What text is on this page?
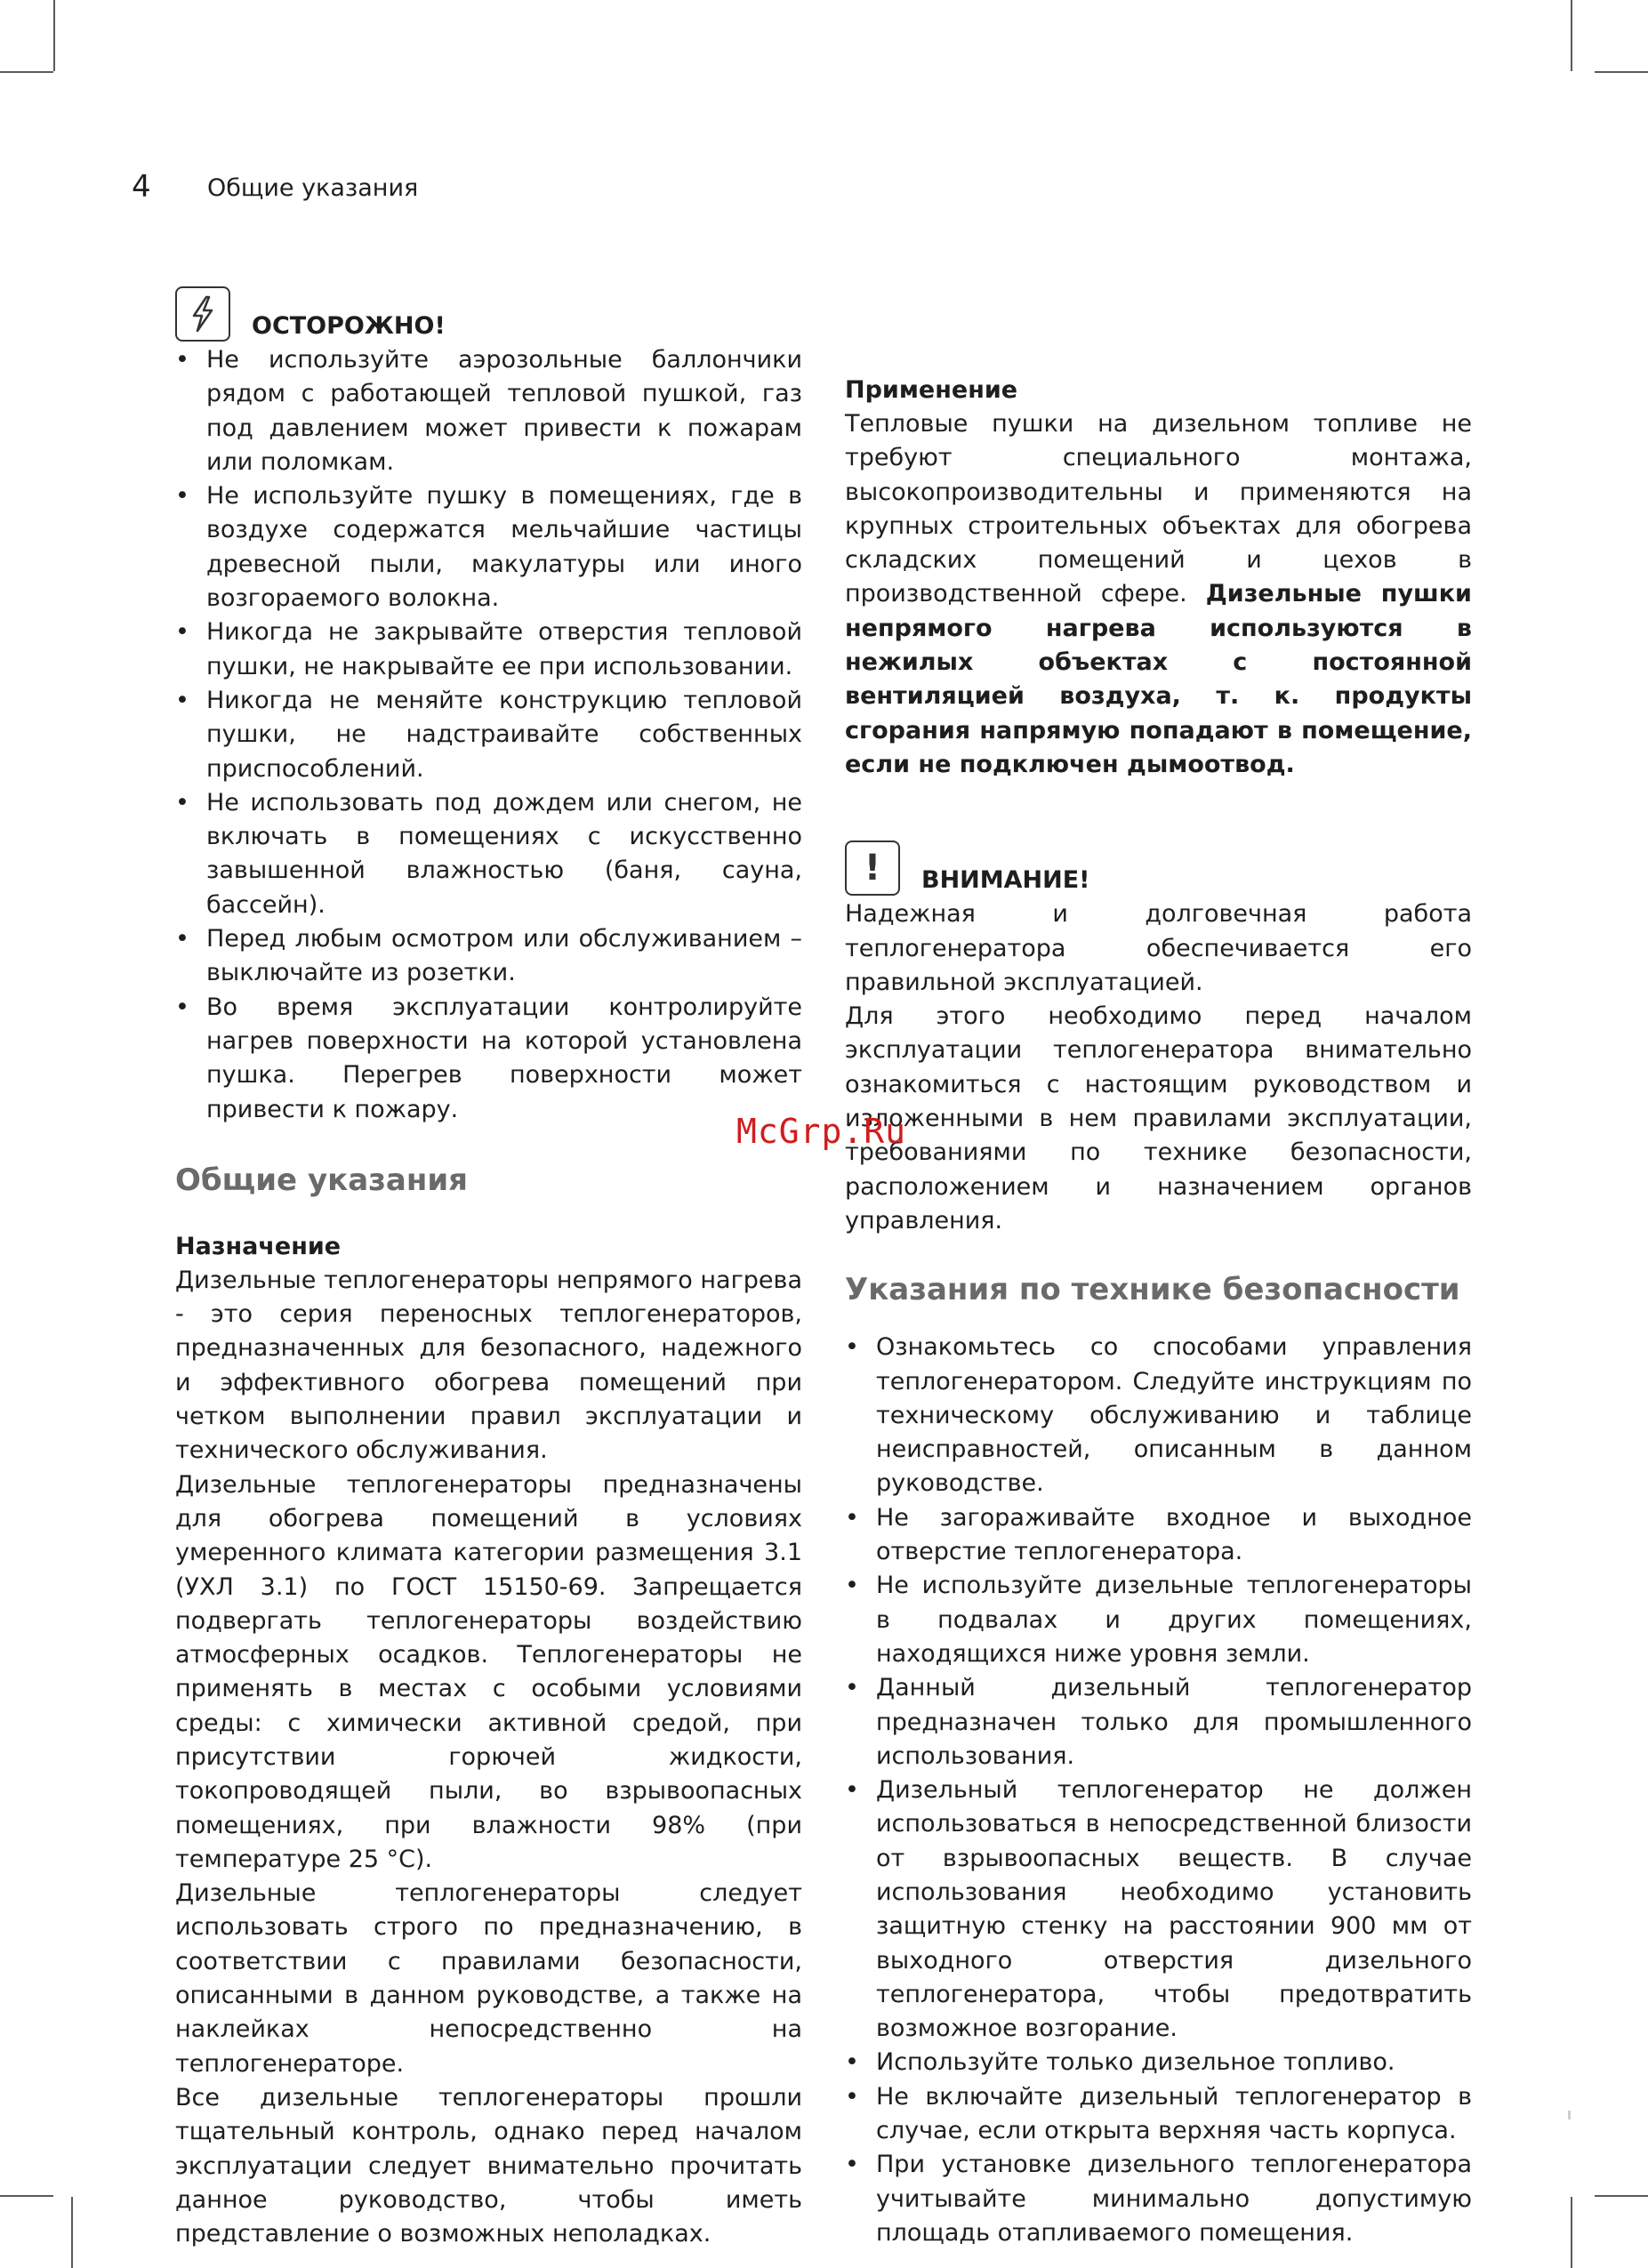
4 Общие указания
ОСТОРОЖНО!
• Не используйте аэрозольные баллончики рядом с работающей тепловой пушкой, газ под давлением может привести к пожарам или поломкам.
• Не используйте пушку в помещениях, где в воздухе содержатся мельчайшие частицы древесной пыли, макулатуры или иного возгораемого волокна.
• Никогда не закрывайте отверстия тепловой пушки, не накрывайте ее при использовании.
• Никогда не меняйте конструкцию тепловой пушки, не надстраивайте собственных приспособлений.
• Не использовать под дождем или снегом, не включать в помещениях с искусственно завышенной влажностью (баня, сауна, бассейн).
• Перед любым осмотром или обслуживанием – выключайте из розетки.
• Во время эксплуатации контролируйте нагрев поверхности на которой установлена пушка. Перегрев поверхности может привести к пожару.
Общие указания
Назначение

Дизельные теплогенераторы непрямого нагрева - это серия переносных теплогенераторов, предназначенных для безопасного, надежного и эффективного обогрева помещений при четком выполнении правил эксплуатации и технического обслуживания.

Дизельные теплогенераторы предназначены для обогрева помещений в условиях умеренного климата категории размещения 3.1 (УХЛ 3.1) по ГОСТ 15150-69. Запрещается подвергать теплогенераторы воздействию атмосферных осадков. Теплогенераторы не применять в местах с особыми условиями среды: с химически активной средой, при присутствии горючей жидкости, токопроводящей пыли, во взрывоопасных помещениях, при влажности 98% (при температуре 25 °С).

Дизельные теплогенераторы следует использовать строго по предназначению, в соответствии с правилами безопасности, описанными в данном руководстве, а также на наклейках непосредственно на теплогенераторе.

Все дизельные теплогенераторы прошли тщательный контроль, однако перед началом эксплуатации следует внимательно прочитать данное руководство, чтобы иметь представление о возможных неполадках.

Применение

Тепловые пушки на дизельном топливе не требуют специального монтажа, высокопроизводительны и применяются на крупных строительных объектах для обогрева складских помещений и цехов в производственной сфере. Дизельные пушки непрямого нагрева используются в нежилых объектах с постоянной вентиляцией воздуха, т. к. продукты сгорания напрямую попадают в помещение, если не подключен дымоотвод.

!	ВНИМАНИЕ!

Надежная и долговечная работа теплогенератора обеспечивается его правильной эксплуатацией.

Для этого необходимо перед началом эксплуатации теплогенератора внимательно ознакомиться с настоящим руководством и изложенными в нем правилами эксплуатации, требованиями по технике безопасности, расположением и назначением органов управления.

Указания по технике безопасности
• Ознакомьтесь со способами управления теплогенератором. Следуйте инструкциям по техническому обслуживанию и таблице неисправностей, описанным в данном руководстве.
• Не загораживайте входное и выходное отверстие теплогенератора.
• Не используйте дизельные теплогенераторы в подвалах и других помещениях, находящихся ниже уровня земли.
• Данный дизельный теплогенератор предназначен только для промышленного использования.
• Дизельный теплогенератор не должен использоваться в непосредственной близости от взрывоопасных веществ. В случае использования необходимо установить защитную стенку на расстоянии 900 мм от выходного отверстия дизельного теплогенератора, чтобы предотвратить возможное возгорание.
• Используйте только дизельное топливо.
• Не включайте дизельный теплогенератор в случае, если открыта верхняя часть корпуса.
• При установке дизельного теплогенератора учитывайте минимально допустимую площадь отапливаемого помещения.
McGrp.Ru
